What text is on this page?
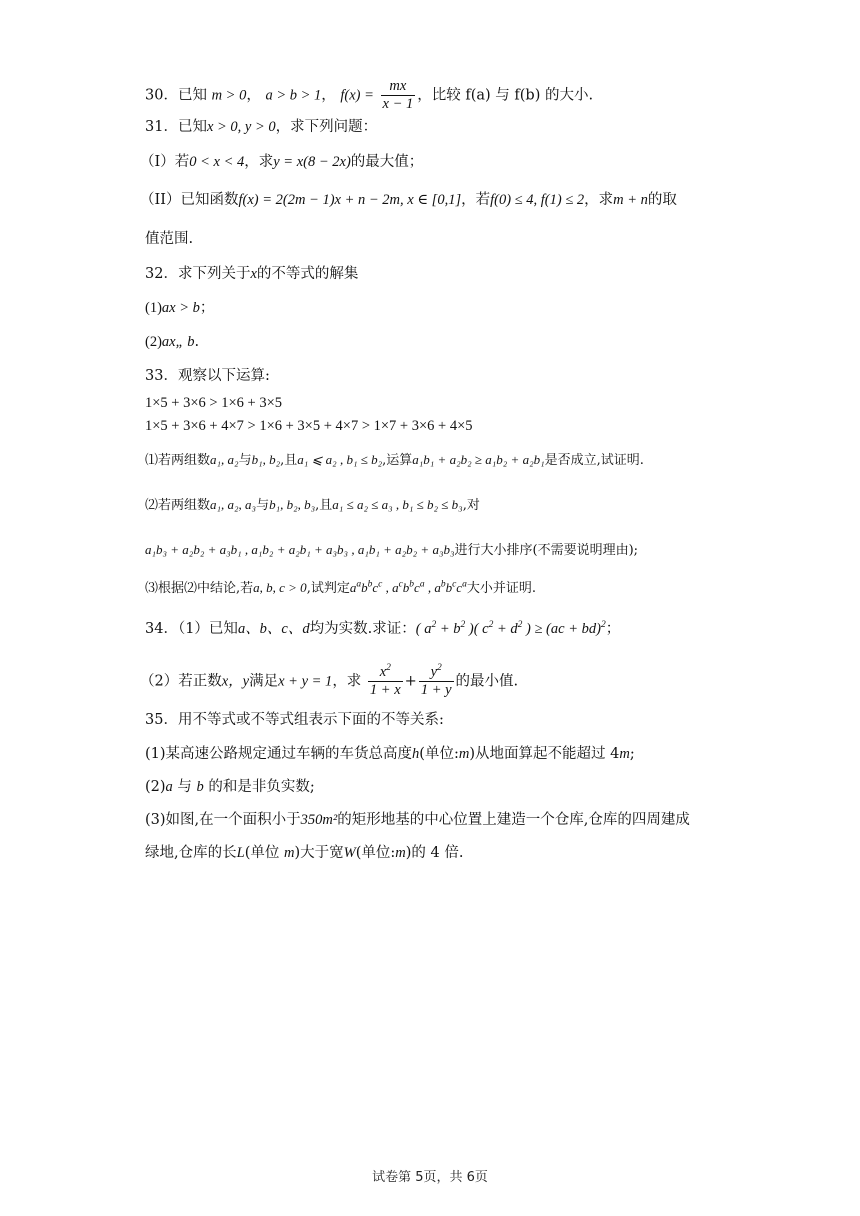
30．已知 m > 0， a > b > 1， $f(x) = \frac{mx}{x - 1}$ ，比较 f(a) 与 f(b) 的大小.
31．已知x > 0, y > 0，求下列问题：
（I）若0 < x < 4，求y = x(8 − 2x)的最大值；
（II）已知函数f(x) = 2(2m − 1)x + n − 2m, x ∈ [0,1]，若f(0) ≤ 4, f(1) ≤ 2，求m + n的取
值范围.
32．求下列关于x的不等式的解集
(1)ax > b；
(2)ax„ b.
33．观察以下运算:
1×5 + 3×6 > 1×6 + 3×5
1×5 + 3×6 + 4×7 > 1×6 + 3×5 + 4×7 > 1×7 + 3×6 + 4×5
⑴若两组数a₁, a₂与b₁, b₂,且a₁ ⩽ a₂ , b₁ ≤ b₂,运算a₁b₁ + a₂b₂ ≥ a₁b₂ + a₂b₁是否成立,试证明.
⑵若两组数a₁, a₂, a₃与b₁, b₂, b₃,且a₁ ≤ a₂ ≤ a₃ , b₁ ≤ b₂ ≤ b₃,对
a₁b₃ + a₂b₂ + a₃b₁ , a₁b₂ + a₂b₁ + a₃b₃ , a₁b₁ + a₂b₂ + a₃b₃进行大小排序(不需要说明理由);
⑶根据⑵中结论,若a, b, c > 0,试判定$a^ab^bc^c$ , $a^cb^bc^a$ , $a^bb^cc^a$大小并证明.
34．（1）已知a、b、c、d均为实数.求证：( $a^2 + b^2$ )( $c^2 + d^2$ ) ≥ (ac + bd)$^2$；
（2）若正数x，y满足x + y = 1，求 $\frac{x^2}{1 + x} + \frac{y^2}{1 + y}$ 的最小值.
35．用不等式或不等式组表示下面的不等关系:
(1)某高速公路规定通过车辆的车货总高度h(单位:m)从地面算起不能超过 4m;
(2)a 与 b 的和是非负实数;
(3)如图,在一个面积小于350m²的矩形地基的中心位置上建造一个仓库,仓库的四周建成
绿地,仓库的长L(单位 m)大于宽W(单位:m)的 4 倍.
试卷第 5页，共 6页
